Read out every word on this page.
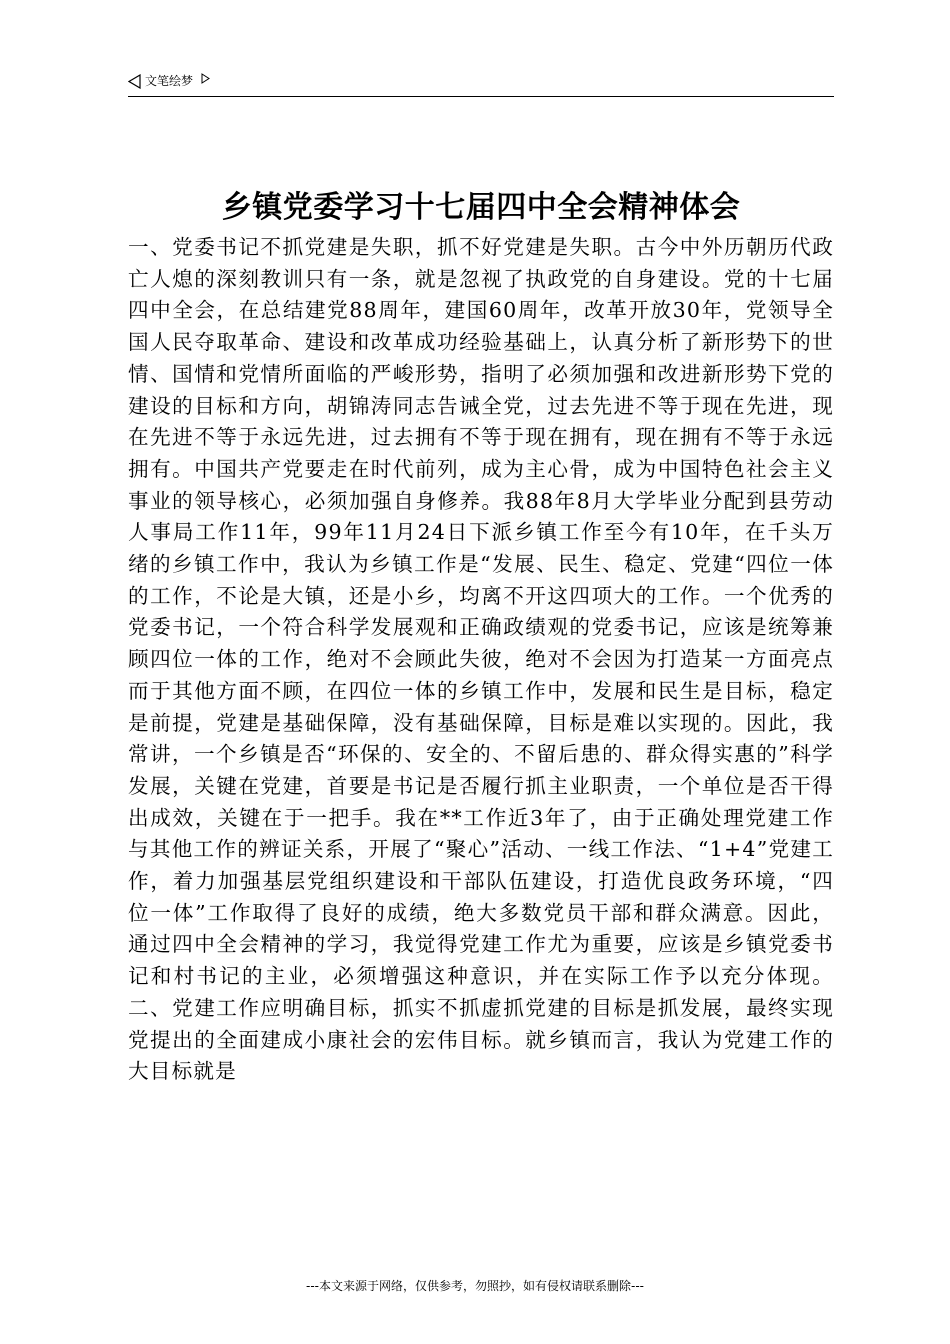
文笔绘梦
乡镇党委学习十七届四中全会精神体会

一、党委书记不抓党建是失职，抓不好党建是失职。古今中外历朝历代政亡人熄的深刻教训只有一条，就是忽视了执政党的自身建设。党的十七届四中全会，在总结建党88周年，建国60周年，改革开放30年，党领导全国人民夺取革命、建设和改革成功经验基础上，认真分析了新形势下的世情、国情和党情所面临的严峻形势，指明了必须加强和改进新形势下党的建设的目标和方向，胡锦涛同志告诫全党，过去先进不等于现在先进，现在先进不等于永远先进，过去拥有不等于现在拥有，现在拥有不等于永远拥有。中国共产党要走在时代前列，成为主心骨，成为中国特色社会主义事业的领导核心，必须加强自身修养。我88年8月大学毕业分配到县劳动人事局工作11年，99年11月24日下派乡镇工作至今有10年，在千头万绪的乡镇工作中，我认为乡镇工作是“发展、民生、稳定、党建“四位一体的工作，不论是大镇，还是小乡，均离不开这四项大的工作。一个优秀的党委书记，一个符合科学发展观和正确政绩观的党委书记，应该是统筹兼顾四位一体的工作，绝对不会顾此失彼，绝对不会因为打造某一方面亮点而于其他方面不顾，在四位一体的乡镇工作中，发展和民生是目标，稳定是前提，党建是基础保障，没有基础保障，目标是难以实现的。因此，我常讲，一个乡镇是否“环保的、安全的、不留后患的、群众得实惠的”科学发展，关键在党建，首要是书记是否履行抓主业职责，一个单位是否干得出成效，关键在于一把手。我在**工作近3年了，由于正确处理党建工作与其他工作的辨证关系，开展了“聚心”活动、一线工作法、“1+4”党建工作，着力加强基层党组织建设和干部队伍建设，打造优良政务环境，“四位一体”工作取得了良好的成绩，绝大多数党员干部和群众满意。因此，通过四中全会精神的学习，我觉得党建工作尤为重要，应该是乡镇党委书记和村书记的主业，必须增强这种意识，并在实际工作予以充分体现。二、党建工作应明确目标，抓实不抓虚抓党建的目标是抓发展，最终实现党提出的全面建成小康社会的宏伟目标。就乡镇而言，我认为党建工作的大目标就是

---本文来源于网络，仅供参考，勿照抄，如有侵权请联系删除---
